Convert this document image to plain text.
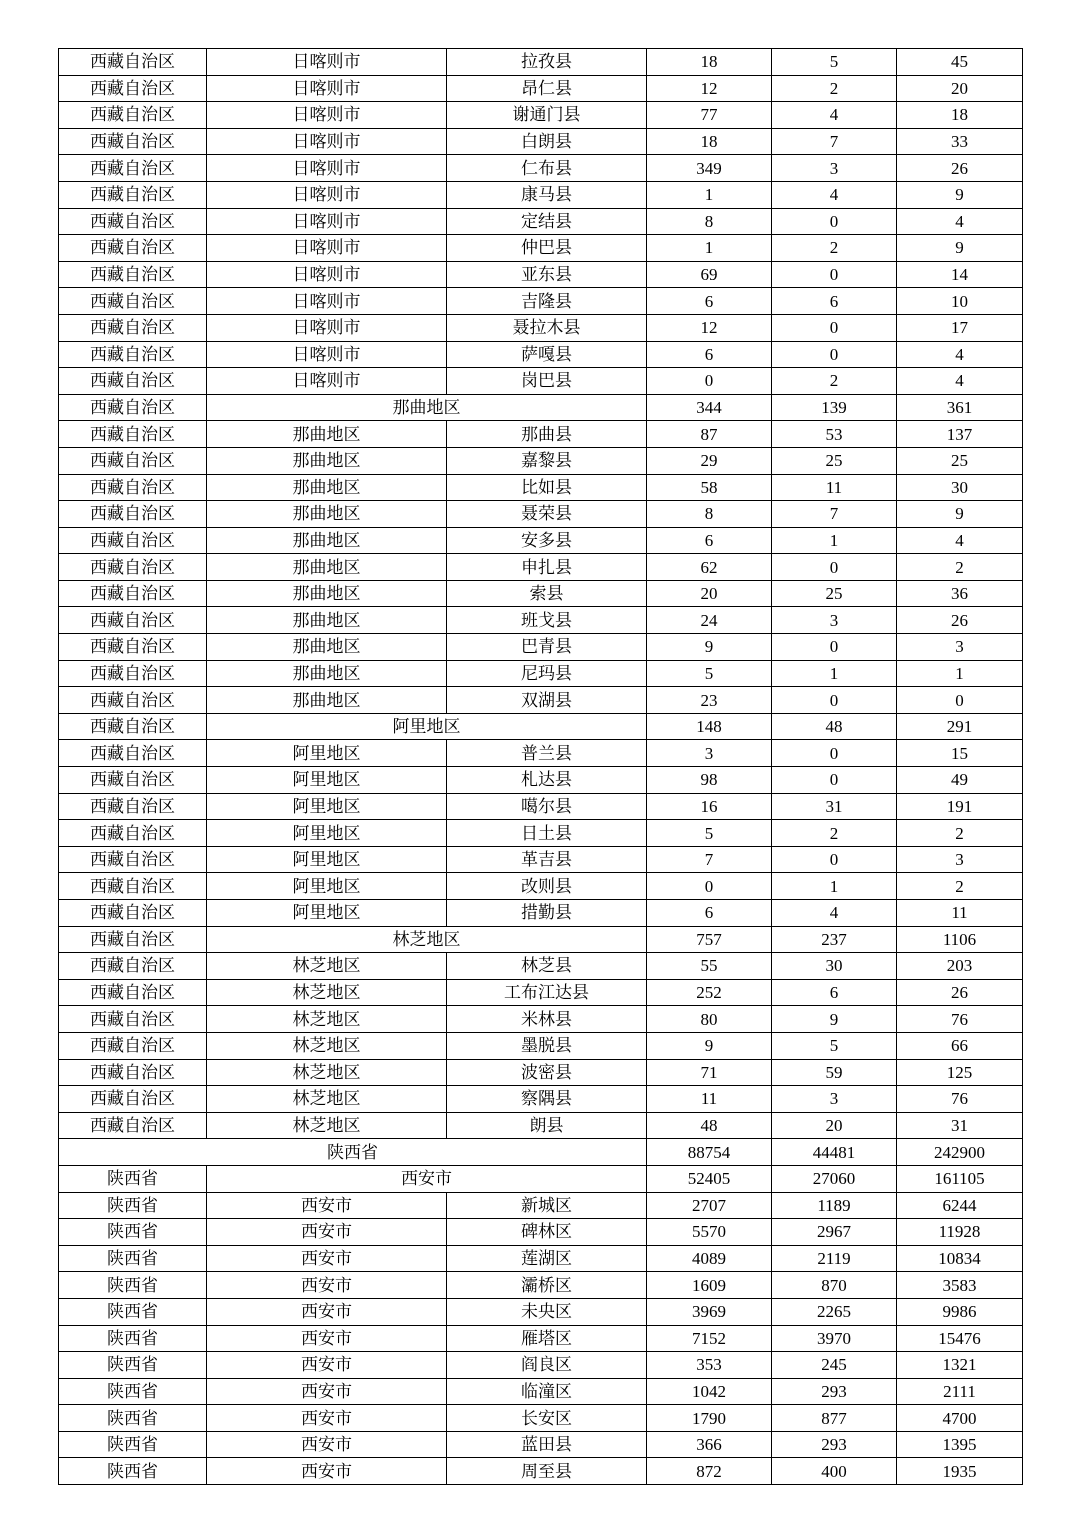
西藏自治区	日喀则市	拉孜县	18	5	45
西藏自治区	日喀则市	昂仁县	12	2	20
西藏自治区	日喀则市	谢通门县	77	4	18
西藏自治区	日喀则市	白朗县	18	7	33
西藏自治区	日喀则市	仁布县	349	3	26
西藏自治区	日喀则市	康马县	1	4	9
西藏自治区	日喀则市	定结县	8	0	4
西藏自治区	日喀则市	仲巴县	1	2	9
西藏自治区	日喀则市	亚东县	69	0	14
西藏自治区	日喀则市	吉隆县	6	6	10
西藏自治区	日喀则市	聂拉木县	12	0	17
西藏自治区	日喀则市	萨嘎县	6	0	4
西藏自治区	日喀则市	岗巴县	0	2	4
西藏自治区	那曲地区		344	139	361
西藏自治区	那曲地区	那曲县	87	53	137
西藏自治区	那曲地区	嘉黎县	29	25	25
西藏自治区	那曲地区	比如县	58	11	30
西藏自治区	那曲地区	聂荣县	8	7	9
西藏自治区	那曲地区	安多县	6	1	4
西藏自治区	那曲地区	申扎县	62	0	2
西藏自治区	那曲地区	索县	20	25	36
西藏自治区	那曲地区	班戈县	24	3	26
西藏自治区	那曲地区	巴青县	9	0	3
西藏自治区	那曲地区	尼玛县	5	1	1
西藏自治区	那曲地区	双湖县	23	0	0
西藏自治区	阿里地区		148	48	291
西藏自治区	阿里地区	普兰县	3	0	15
西藏自治区	阿里地区	札达县	98	0	49
西藏自治区	阿里地区	噶尔县	16	31	191
西藏自治区	阿里地区	日土县	5	2	2
西藏自治区	阿里地区	革吉县	7	0	3
西藏自治区	阿里地区	改则县	0	1	2
西藏自治区	阿里地区	措勤县	6	4	11
西藏自治区	林芝地区		757	237	1106
西藏自治区	林芝地区	林芝县	55	30	203
西藏自治区	林芝地区	工布江达县	252	6	26
西藏自治区	林芝地区	米林县	80	9	76
西藏自治区	林芝地区	墨脱县	9	5	66
西藏自治区	林芝地区	波密县	71	59	125
西藏自治区	林芝地区	察隅县	11	3	76
西藏自治区	林芝地区	朗县	48	20	31
陕西省			88754	44481	242900
陕西省	西安市		52405	27060	161105
陕西省	西安市	新城区	2707	1189	6244
陕西省	西安市	碑林区	5570	2967	11928
陕西省	西安市	莲湖区	4089	2119	10834
陕西省	西安市	灞桥区	1609	870	3583
陕西省	西安市	未央区	3969	2265	9986
陕西省	西安市	雁塔区	7152	3970	15476
陕西省	西安市	阎良区	353	245	1321
陕西省	西安市	临潼区	1042	293	2111
陕西省	西安市	长安区	1790	877	4700
陕西省	西安市	蓝田县	366	293	1395
陕西省	西安市	周至县	872	400	1935
